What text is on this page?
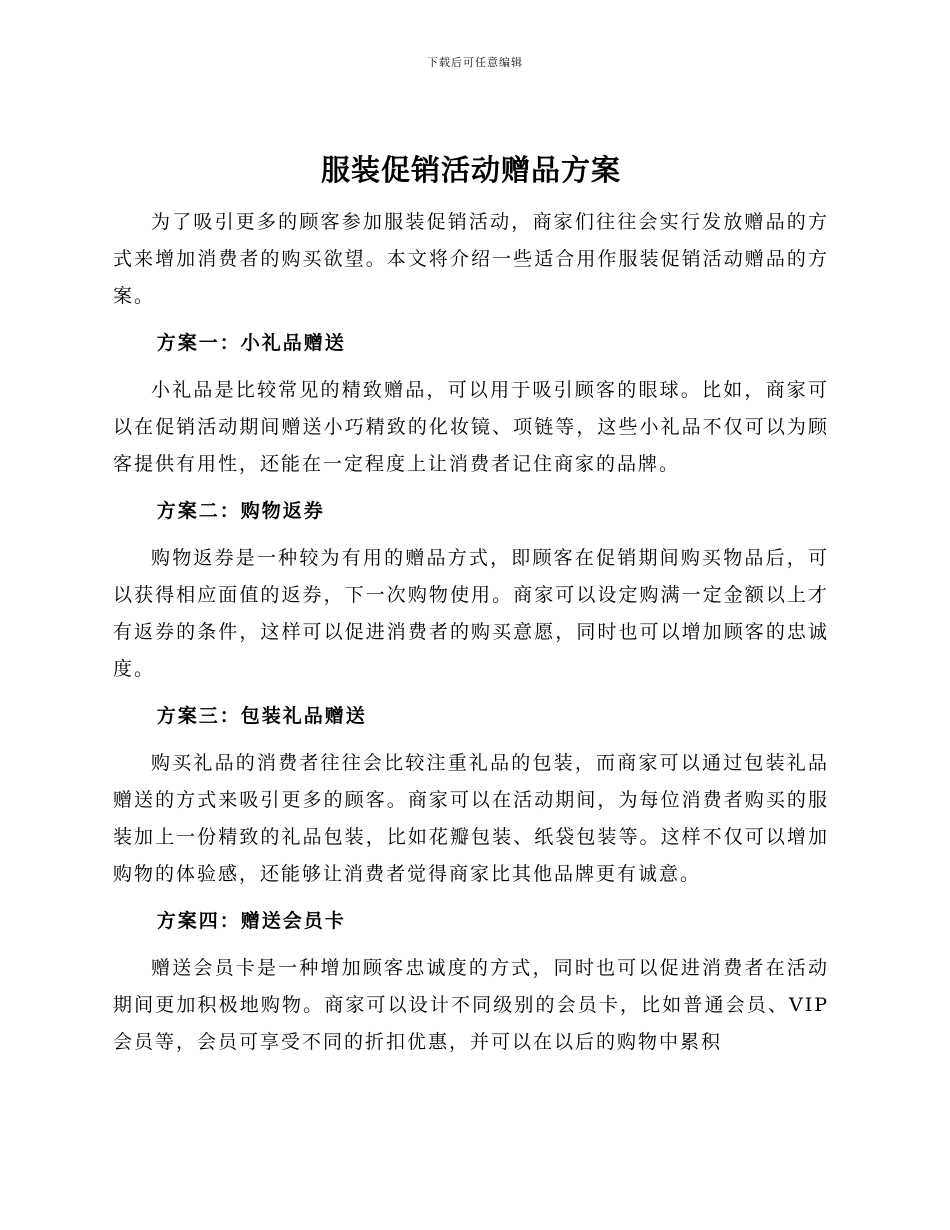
下载后可任意编辑
服装促销活动赠品方案

为了吸引更多的顾客参加服装促销活动，商家们往往会实行发放赠品的方式来增加消费者的购买欲望。本文将介绍一些适合用作服装促销活动赠品的方案。

方案一：小礼品赠送

小礼品是比较常见的精致赠品，可以用于吸引顾客的眼球。比如，商家可以在促销活动期间赠送小巧精致的化妆镜、项链等，这些小礼品不仅可以为顾客提供有用性，还能在一定程度上让消费者记住商家的品牌。

方案二：购物返券

购物返券是一种较为有用的赠品方式，即顾客在促销期间购买物品后，可以获得相应面值的返券，下一次购物使用。商家可以设定购满一定金额以上才有返券的条件，这样可以促进消费者的购买意愿，同时也可以增加顾客的忠诚度。

方案三：包装礼品赠送

购买礼品的消费者往往会比较注重礼品的包装，而商家可以通过包装礼品赠送的方式来吸引更多的顾客。商家可以在活动期间，为每位消费者购买的服装加上一份精致的礼品包装，比如花瓣包装、纸袋包装等。这样不仅可以增加购物的体验感，还能够让消费者觉得商家比其他品牌更有诚意。

方案四：赠送会员卡

赠送会员卡是一种增加顾客忠诚度的方式，同时也可以促进消费者在活动期间更加积极地购物。商家可以设计不同级别的会员卡，比如普通会员、VIP会员等，会员可享受不同的折扣优惠，并可以在以后的购物中累积
